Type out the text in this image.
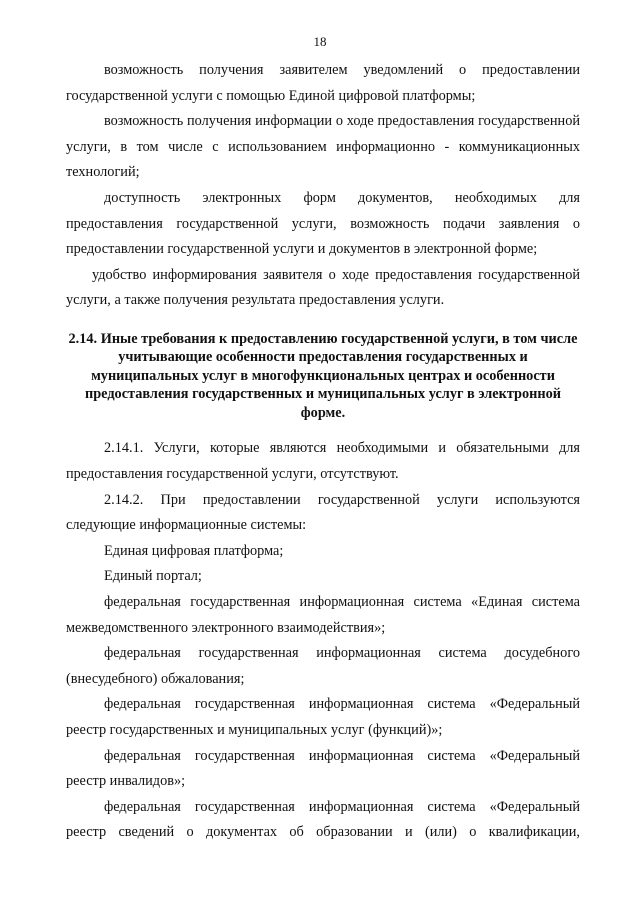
18

возможность получения заявителем уведомлений о предоставлении государственной услуги с помощью Единой цифровой платформы;

возможность получения информации о ходе предоставления государственной услуги, в том числе с использованием информационно - коммуникационных технологий;

доступность электронных форм документов, необходимых для предоставления государственной услуги, возможность подачи заявления о предоставлении государственной услуги и документов в электронной форме;

удобство информирования заявителя о ходе предоставления государственной услуги, а также получения результата предоставления услуги.

2.14. Иные требования к предоставлению государственной услуги, в том числе учитывающие особенности предоставления государственных и муниципальных услуг в многофункциональных центрах и особенности предоставления государственных и муниципальных услуг в электронной форме.

2.14.1. Услуги, которые являются необходимыми и обязательными для предоставления государственной услуги, отсутствуют.

2.14.2. При предоставлении государственной услуги используются следующие информационные системы:

Единая цифровая платформа;

Единый портал;

федеральная государственная информационная система «Единая система межведомственного электронного взаимодействия»;

федеральная государственная информационная система досудебного (внесудебного) обжалования;

федеральная государственная информационная система «Федеральный реестр государственных и муниципальных услуг (функций)»;

федеральная государственная информационная система «Федеральный реестр инвалидов»;

федеральная государственная информационная система «Федеральный реестр сведений о документах об образовании и (или) о квалификации,
